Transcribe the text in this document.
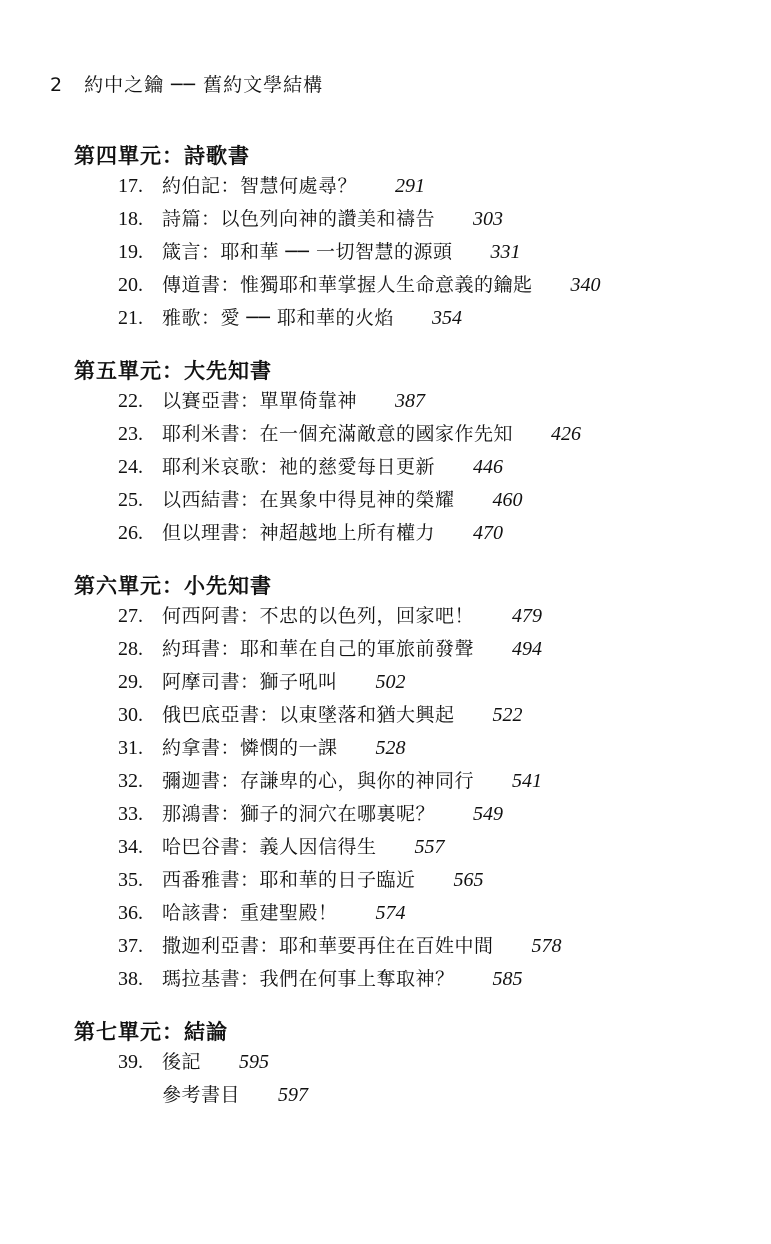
2 約中之鑰 ── 舊約文學結構
第四單元：詩歌書
17. 約伯記：智慧何處尋？ 291
18. 詩篇：以色列向神的讚美和禱告 303
19. 箴言：耶和華 ── 一切智慧的源頭 331
20. 傳道書：惟獨耶和華掌握人生命意義的鑰匙 340
21. 雅歌：愛 ── 耶和華的火焰 354
第五單元：大先知書
22. 以賽亞書：單單倚靠神 387
23. 耶利米書：在一個充滿敵意的國家作先知 426
24. 耶利米哀歌：祂的慈愛每日更新 446
25. 以西結書：在異象中得見神的榮耀 460
26. 但以理書：神超越地上所有權力 470
第六單元：小先知書
27. 何西阿書：不忠的以色列，回家吧！ 479
28. 約珥書：耶和華在自己的軍旅前發聲 494
29. 阿摩司書：獅子吼叫 502
30. 俄巴底亞書：以東墜落和猶大興起 522
31. 約拿書：憐憫的一課 528
32. 彌迦書：存謙卑的心，與你的神同行 541
33. 那鴻書：獅子的洞穴在哪裏呢？ 549
34. 哈巴谷書：義人因信得生 557
35. 西番雅書：耶和華的日子臨近 565
36. 哈該書：重建聖殿！ 574
37. 撒迦利亞書：耶和華要再住在百姓中間 578
38. 瑪拉基書：我們在何事上奪取神？ 585
第七單元：結論
39. 後記 595
參考書目 597
